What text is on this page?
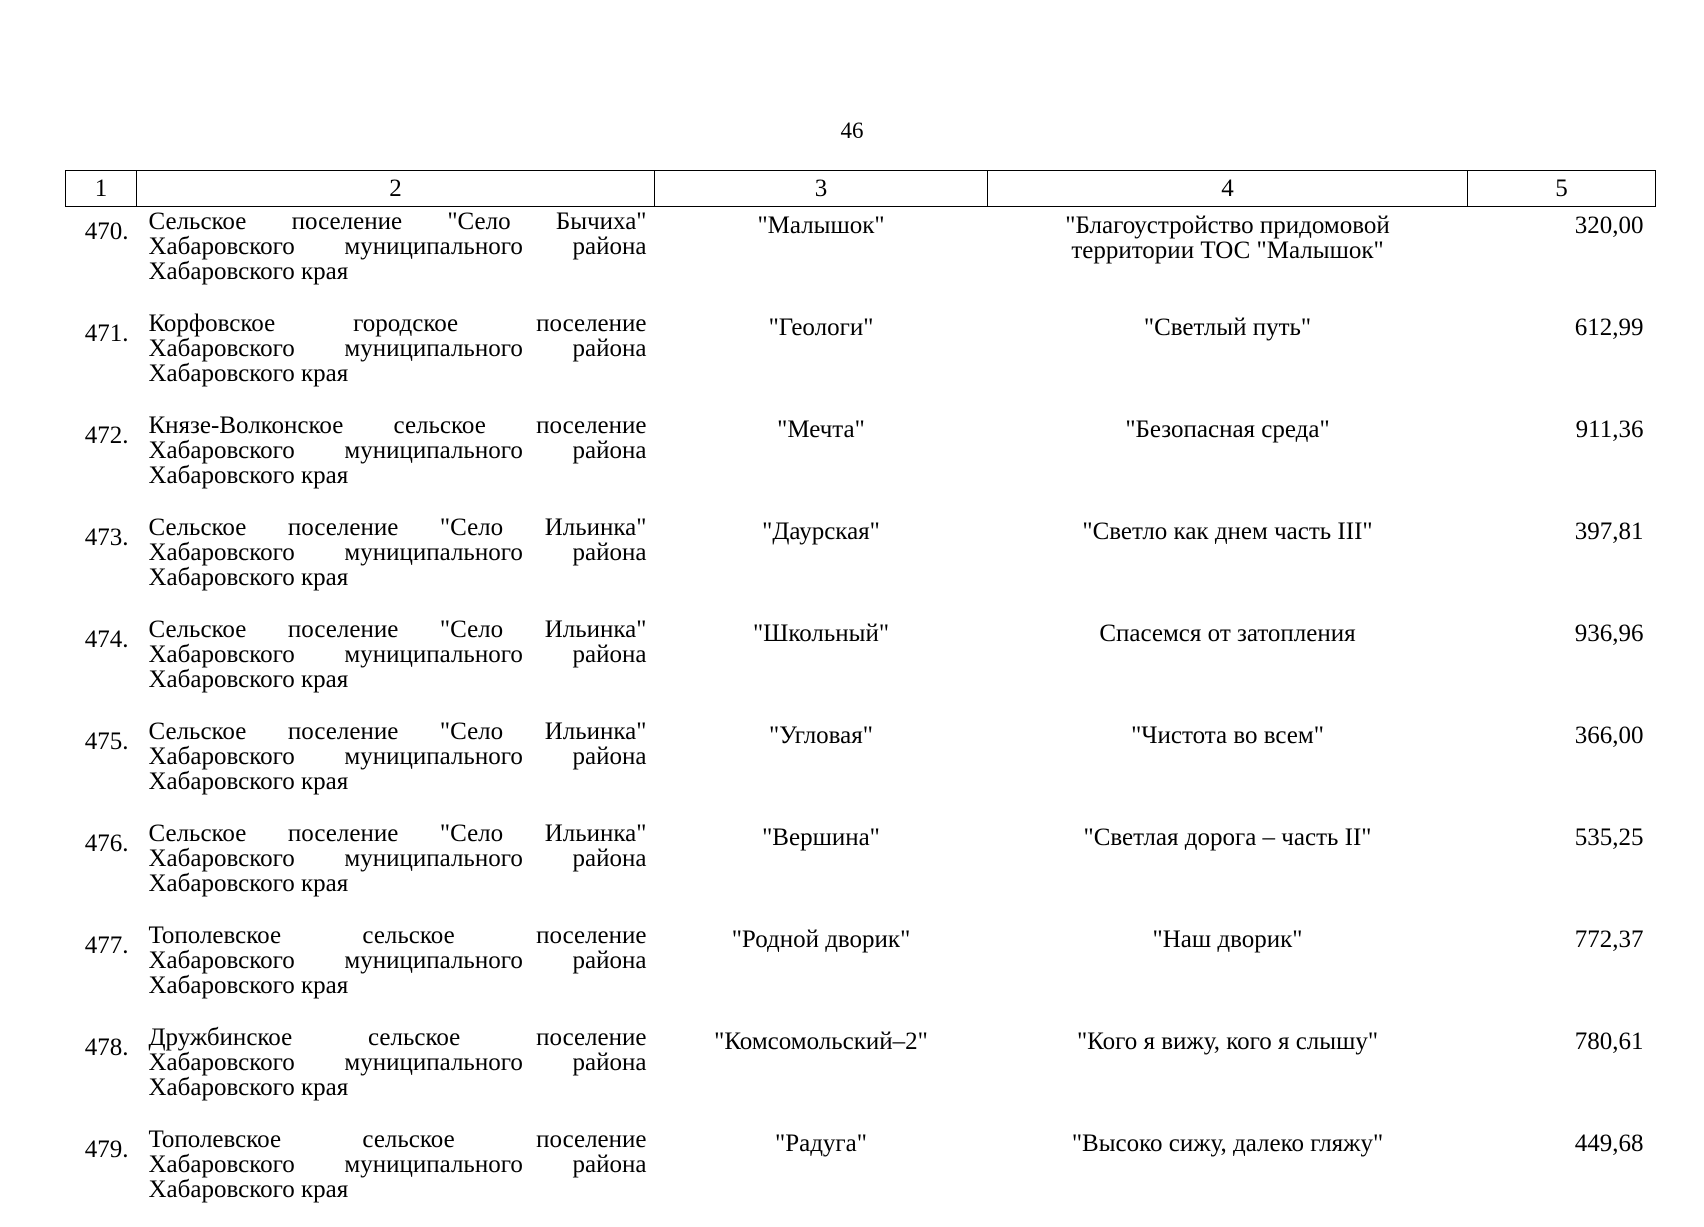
46
1	2	3	4	5
470.	Сельское поселение "Село Бычиха" Хабаровского муниципального района Хабаровского края	"Малышок"	"Благоустройство придомовой территории ТОС "Малышок"	320,00
471.	Корфовское городское поселение Хабаровского муниципального района Хабаровского края	"Геологи"	"Светлый путь"	612,99
472.	Князе-Волконское сельское поселение Хабаровского муниципального района Хабаровского края	"Мечта"	"Безопасная среда"	911,36
473.	Сельское поселение "Село Ильинка" Хабаровского муниципального района Хабаровского края	"Даурская"	"Светло как днем часть III"	397,81
474.	Сельское поселение "Село Ильинка" Хабаровского муниципального района Хабаровского края	"Школьный"	Спасемся от затопления	936,96
475.	Сельское поселение "Село Ильинка" Хабаровского муниципального района Хабаровского края	"Угловая"	"Чистота во всем"	366,00
476.	Сельское поселение "Село Ильинка" Хабаровского муниципального района Хабаровского края	"Вершина"	"Светлая дорога – часть II"	535,25
477.	Тополевское сельское поселение Хабаровского муниципального района Хабаровского края	"Родной дворик"	"Наш дворик"	772,37
478.	Дружбинское сельское поселение Хабаровского муниципального района Хабаровского края	"Комсомольский–2"	"Кого я вижу, кого я слышу"	780,61
479.	Тополевское сельское поселение Хабаровского муниципального района Хабаровского края	"Радуга"	"Высоко сижу, далеко гляжу"	449,68
